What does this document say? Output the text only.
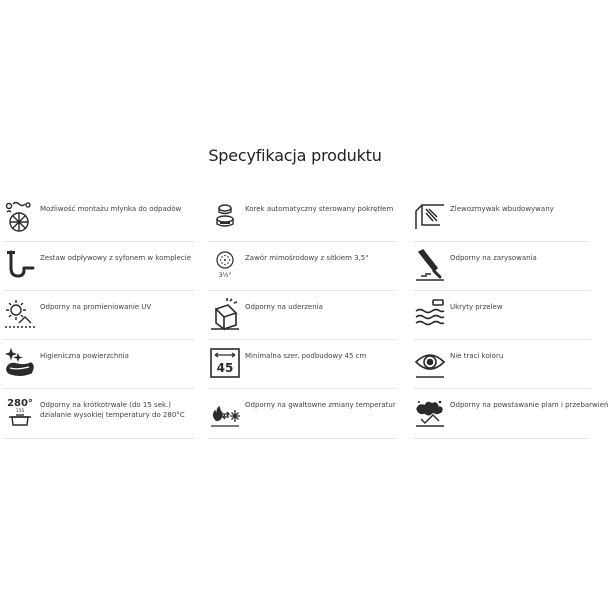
Specyfikacja produktu
Możliwość montażu młynka do odpadów
Zestaw odpływowy z syfonem w komplecie
Odporny na promieniowanie UV
Higieniczna powierzchnia
280°
15S
Odporny na krótkotrwałe (do 15 sek.) działanie wysokiej temperatury do 280°C
Korek automatyczny sterowany pokrętłem
3½"
Zawór mimośrodowy z sitkiem 3,5"
Odporny na uderzenia
45
Minimalna szer. podbudowy 45 cm
Odporny na gwałtowne zmiany temperatur
Zlewozmywak wbudowywany
Odporny na zarysowania
Ukryty przelew
Nie traci koloru
Odporny na powstawanie plam i przebarwień
